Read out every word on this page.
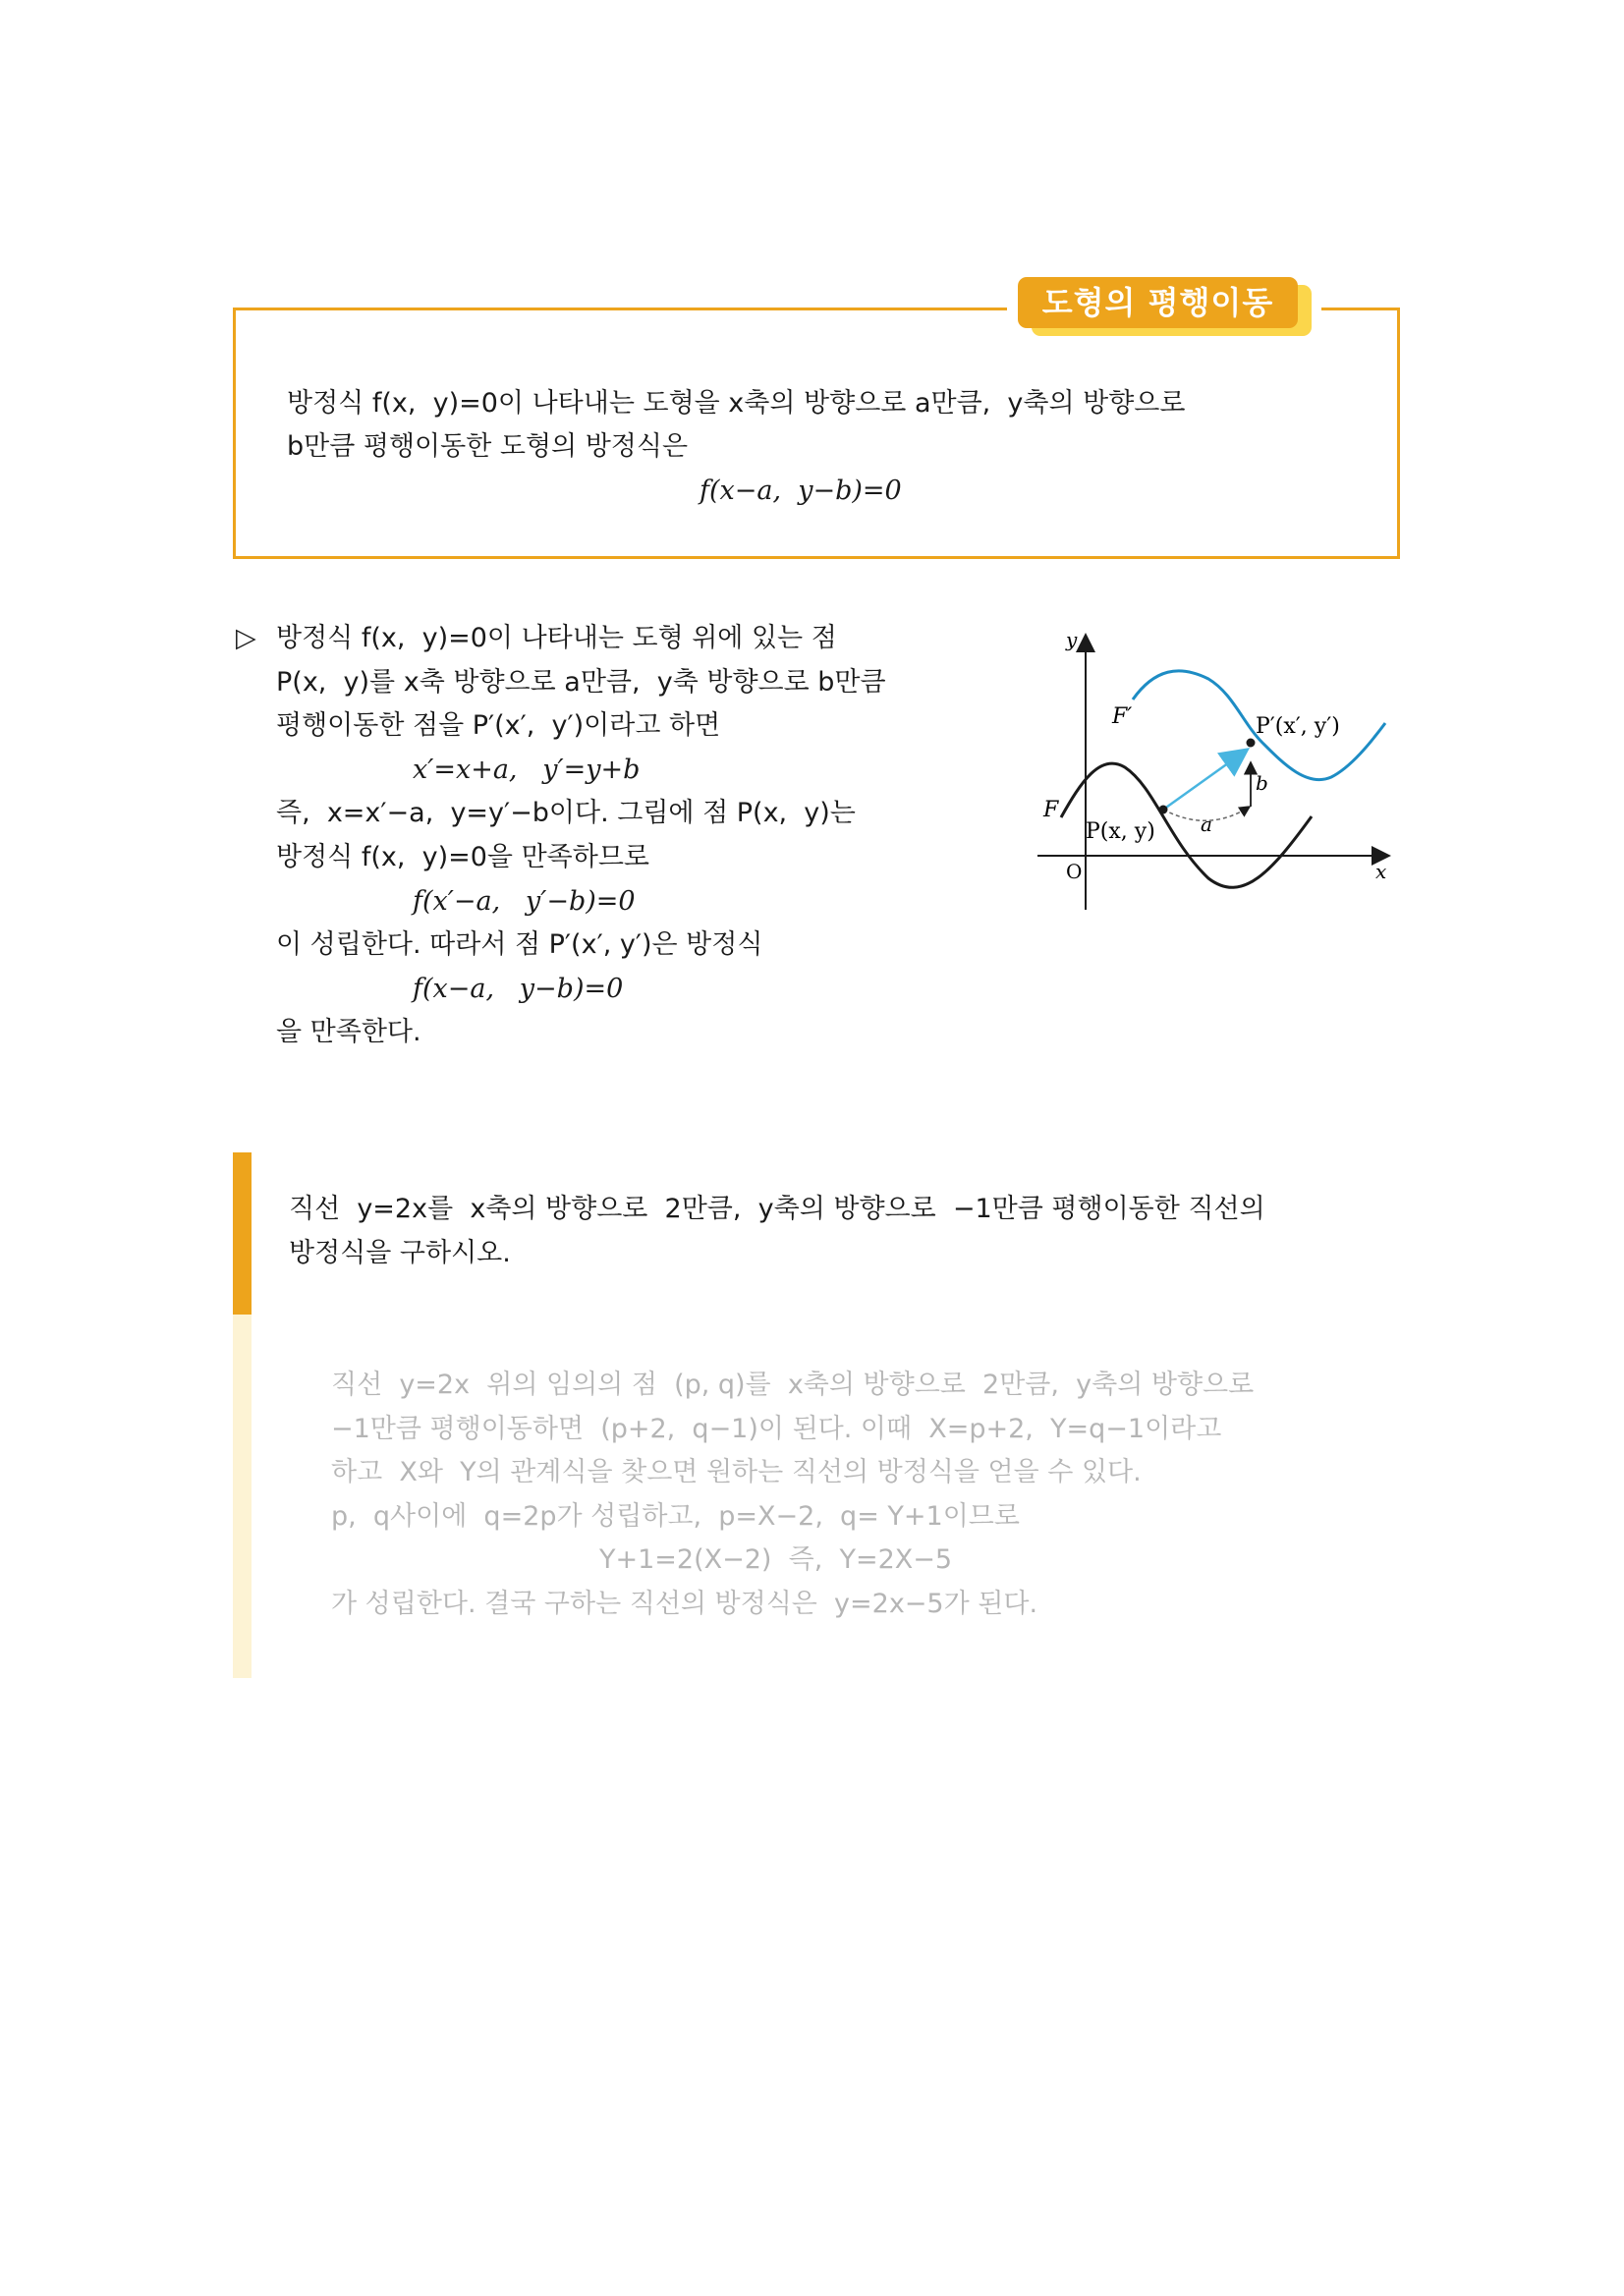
도형의 평행이동
방정식 f(x,  y)=0이 나타내는 도형을 x축의 방향으로 a만큼,  y축의 방향으로
b만큼 평행이동한 도형의 방정식은
f(x−a,  y−b)=0
▷ 방정식 f(x,  y)=0이 나타내는 도형 위에 있는 점
P(x,  y)를 x축 방향으로 a만큼,  y축 방향으로 b만큼
평행이동한 점을 P′(x′,  y′)이라고 하면
x′=x+a,   y′=y+b
즉,  x=x′−a,  y=y′−b이다. 그림에 점 P(x,  y)는
방정식 f(x,  y)=0을 만족하므로
f(x′−a,   y′−b)=0
이 성립한다. 따라서 점 P′(x′, y′)은 방정식
f(x−a,   y−b)=0
을 만족한다.
y
x
O
F
F′
a
b
P(x, y)
P′(x′, y′)
직선  y=2x를  x축의 방향으로  2만큼,  y축의 방향으로  −1만큼 평행이동한 직선의
방정식을 구하시오.
직선  y=2x  위의 임의의 점  (p, q)를  x축의 방향으로  2만큼,  y축의 방향으로
−1만큼 평행이동하면  (p+2,  q−1)이 된다. 이때  X=p+2,  Y=q−1이라고
하고  X와  Y의 관계식을 찾으면 원하는 직선의 방정식을 얻을 수 있다.
p,  q사이에  q=2p가 성립하고,  p=X−2,  q= Y+1이므로
Y+1=2(X−2)  즉,  Y=2X−5
가 성립한다. 결국 구하는 직선의 방정식은  y=2x−5가 된다.
